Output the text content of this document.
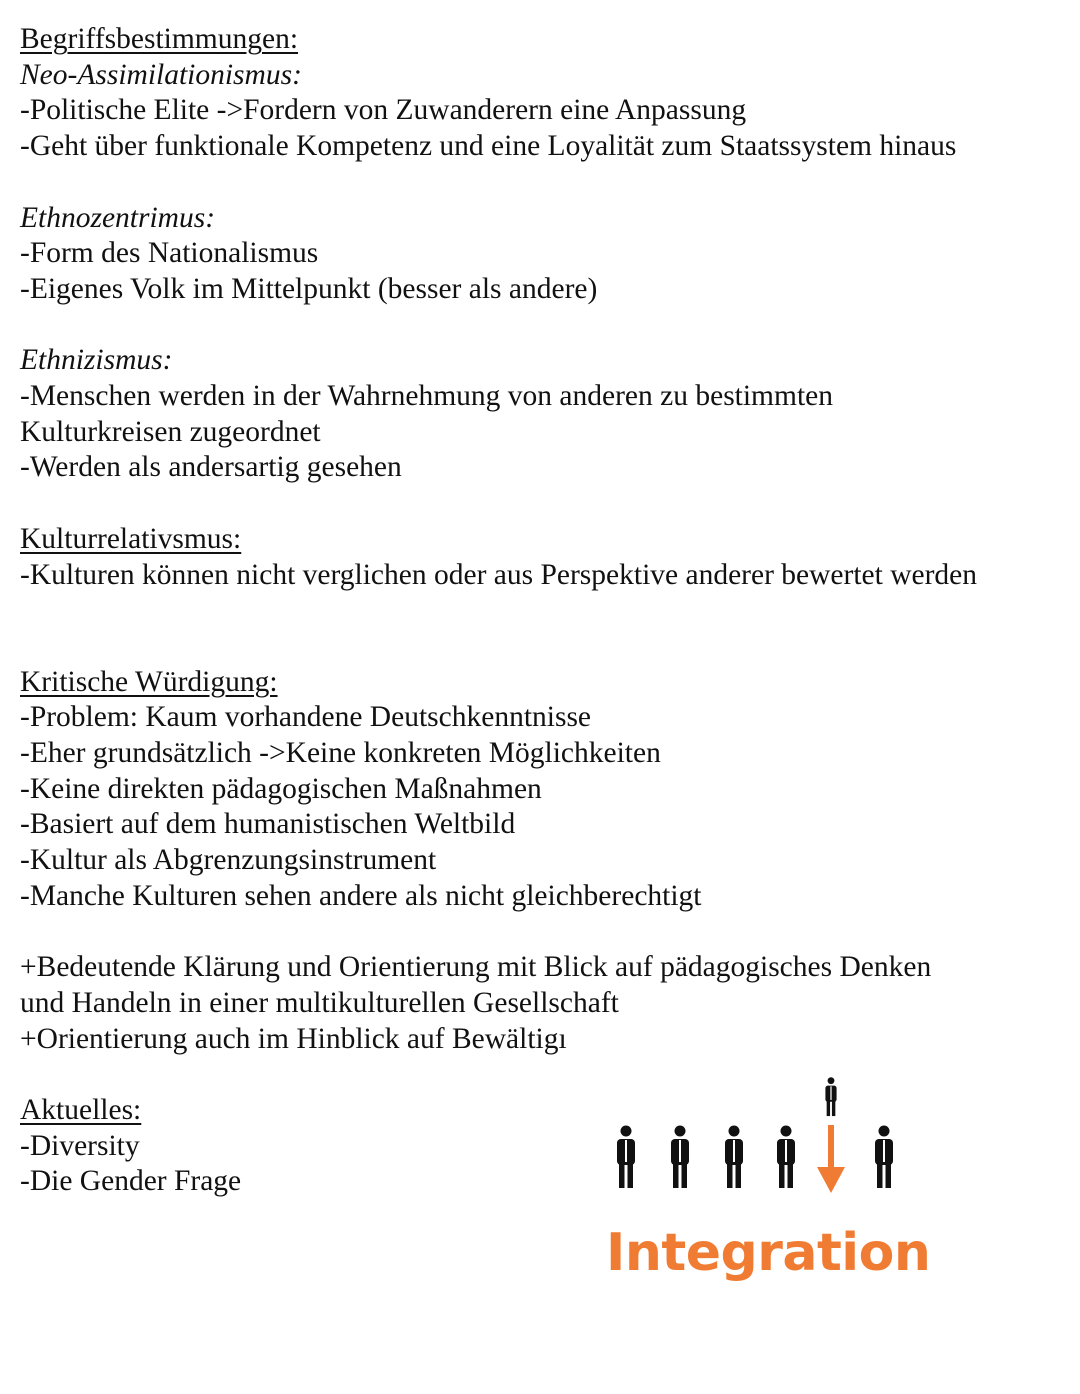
Begriffsbestimmungen:
Neo-Assimilationismus:
-Politische Elite ->Fordern von Zuwanderern eine Anpassung
-Geht über funktionale Kompetenz und eine Loyalität zum Staatssystem hinaus
Ethnozentrimus:
-Form des Nationalismus
-Eigenes Volk im Mittelpunkt (besser als andere)
Ethnizismus:
-Menschen werden in der Wahrnehmung von anderen zu bestimmten
Kulturkreisen zugeordnet
-Werden als andersartig gesehen
Kulturrelativsmus:
-Kulturen können nicht verglichen oder aus Perspektive anderer bewertet werden
Kritische Würdigung:
-Problem: Kaum vorhandene Deutschkenntnisse
-Eher grundsätzlich ->Keine konkreten Möglichkeiten
-Keine direkten pädagogischen Maßnahmen
-Basiert auf dem humanistischen Weltbild
-Kultur als Abgrenzungsinstrument
-Manche Kulturen sehen andere als nicht gleichberechtigt
+Bedeutende Klärung und Orientierung mit Blick auf pädagogisches Denken
und Handeln in einer multikulturellen Gesellschaft
+Orientierung auch im Hinblick auf Bewältigı
Aktuelles:
-Diversity
-Die Gender Frage
Integration
